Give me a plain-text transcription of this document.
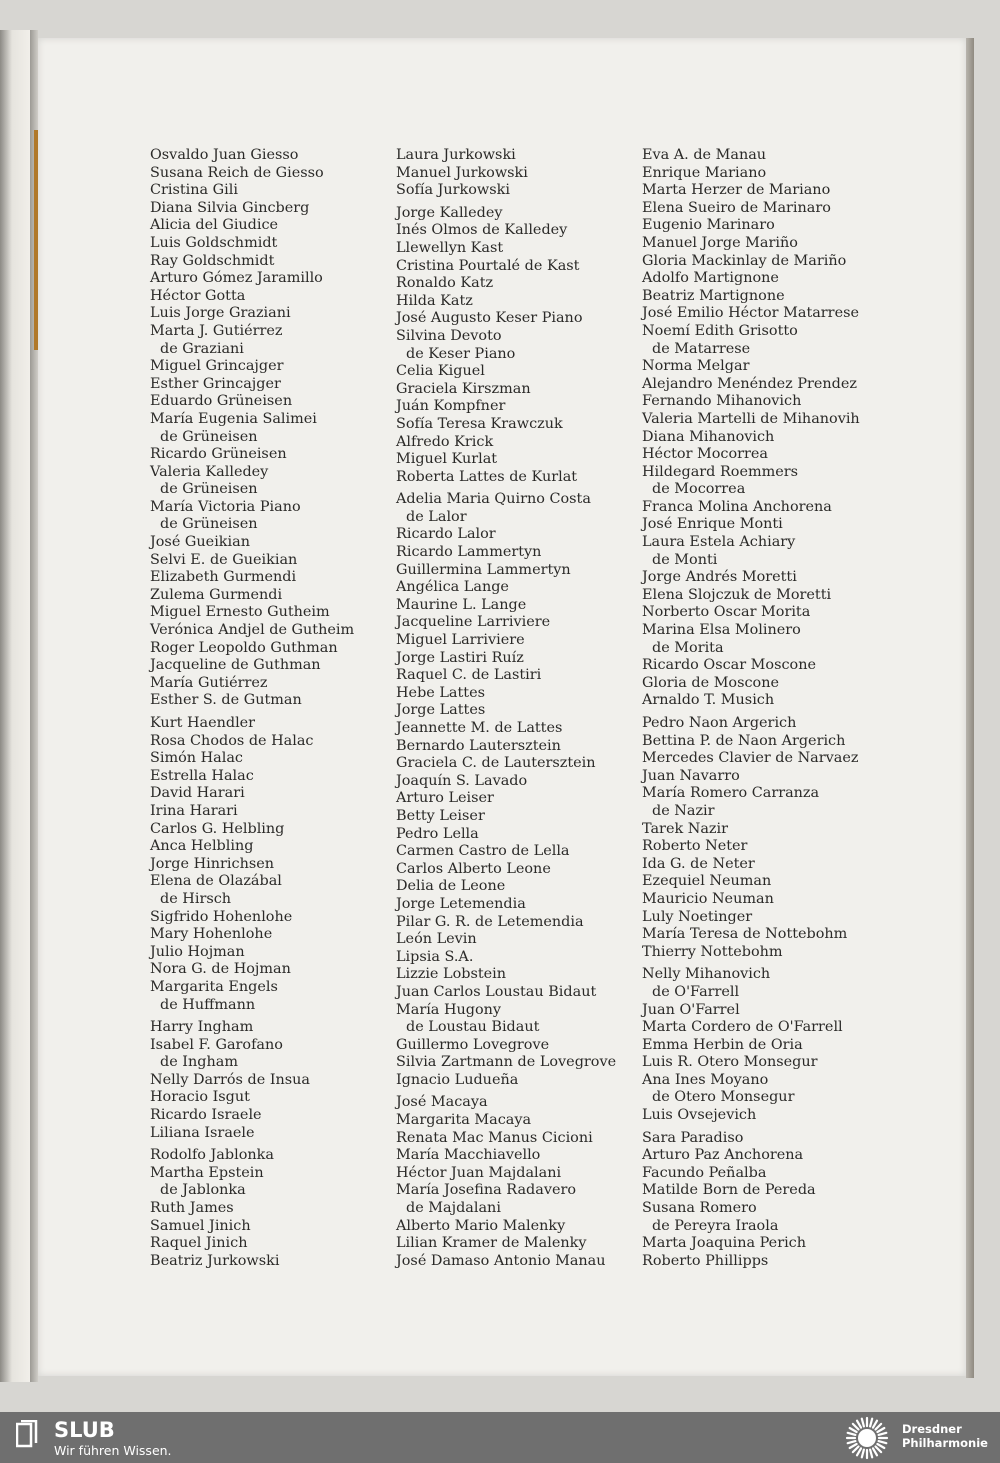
Osvaldo Juan Giesso
Susana Reich de Giesso
Cristina Gili
Diana Silvia Gincberg
Alicia del Giudice
Luis Goldschmidt
Ray Goldschmidt
Arturo Gómez Jaramillo
Héctor Gotta
Luis Jorge Graziani
Marta J. Gutiérrez
de Graziani
Miguel Grincajger
Esther Grincajger
Eduardo Grüneisen
María Eugenia Salimei
de Grüneisen
Ricardo Grüneisen
Valeria Kalledey
de Grüneisen
María Victoria Piano
de Grüneisen
José Gueikian
Selvi E. de Gueikian
Elizabeth Gurmendi
Zulema Gurmendi
Miguel Ernesto Gutheim
Verónica Andjel de Gutheim
Roger Leopoldo Guthman
Jacqueline de Guthman
María Gutiérrez
Esther S. de Gutman
Kurt Haendler
Rosa Chodos de Halac
Simón Halac
Estrella Halac
David Harari
Irina Harari
Carlos G. Helbling
Anca Helbling
Jorge Hinrichsen
Elena de Olazábal
de Hirsch
Sigfrido Hohenlohe
Mary Hohenlohe
Julio Hojman
Nora G. de Hojman
Margarita Engels
de Huffmann
Harry Ingham
Isabel F. Garofano
de Ingham
Nelly Darrós de Insua
Horacio Isgut
Ricardo Israele
Liliana Israele
Rodolfo Jablonka
Martha Epstein
de Jablonka
Ruth James
Samuel Jinich
Raquel Jinich
Beatriz Jurkowski
Laura Jurkowski
Manuel Jurkowski
Sofía Jurkowski
Jorge Kalledey
Inés Olmos de Kalledey
Llewellyn Kast
Cristina Pourtalé de Kast
Ronaldo Katz
Hilda Katz
José Augusto Keser Piano
Silvina Devoto
de Keser Piano
Celia Kiguel
Graciela Kirszman
Juán Kompfner
Sofía Teresa Krawczuk
Alfredo Krick
Miguel Kurlat
Roberta Lattes de Kurlat
Adelia Maria Quirno Costa
de Lalor
Ricardo Lalor
Ricardo Lammertyn
Guillermina Lammertyn
Angélica Lange
Maurine L. Lange
Jacqueline Larriviere
Miguel Larriviere
Jorge Lastiri Ruíz
Raquel C. de Lastiri
Hebe Lattes
Jorge Lattes
Jeannette M. de Lattes
Bernardo Lautersztein
Graciela C. de Lautersztein
Joaquín S. Lavado
Arturo Leiser
Betty Leiser
Pedro Lella
Carmen Castro de Lella
Carlos Alberto Leone
Delia de Leone
Jorge Letemendia
Pilar G. R. de Letemendia
León Levin
Lipsia S.A.
Lizzie Lobstein
Juan Carlos Loustau Bidaut
María Hugony
de Loustau Bidaut
Guillermo Lovegrove
Silvia Zartmann de Lovegrove
Ignacio Ludueña
José Macaya
Margarita Macaya
Renata Mac Manus Cicioni
María Macchiavello
Héctor Juan Majdalani
María Josefina Radavero
de Majdalani
Alberto Mario Malenky
Lilian Kramer de Malenky
José Damaso Antonio Manau
Eva A. de Manau
Enrique Mariano
Marta Herzer de Mariano
Elena Sueiro de Marinaro
Eugenio Marinaro
Manuel Jorge Mariño
Gloria Mackinlay de Mariño
Adolfo Martignone
Beatriz Martignone
José Emilio Héctor Matarrese
Noemí Edith Grisotto
de Matarrese
Norma Melgar
Alejandro Menéndez Prendez
Fernando Mihanovich
Valeria Martelli de Mihanovih
Diana Mihanovich
Héctor Mocorrea
Hildegard Roemmers
de Mocorrea
Franca Molina Anchorena
José Enrique Monti
Laura Estela Achiary
de Monti
Jorge Andrés Moretti
Elena Slojczuk de Moretti
Norberto Oscar Morita
Marina Elsa Molinero
de Morita
Ricardo Oscar Moscone
Gloria de Moscone
Arnaldo T. Musich
Pedro Naon Argerich
Bettina P. de Naon Argerich
Mercedes Clavier de Narvaez
Juan Navarro
María Romero Carranza
de Nazir
Tarek Nazir
Roberto Neter
Ida G. de Neter
Ezequiel Neuman
Mauricio Neuman
Luly Noetinger
María Teresa de Nottebohm
Thierry Nottebohm
Nelly Mihanovich
de O'Farrell
Juan O'Farrel
Marta Cordero de O'Farrell
Emma Herbin de Oria
Luis R. Otero Monsegur
Ana Ines Moyano
de Otero Monsegur
Luis Ovsejevich
Sara Paradiso
Arturo Paz Anchorena
Facundo Peñalba
Matilde Born de Pereda
Susana Romero
de Pereyra Iraola
Marta Joaquina Perich
Roberto Phillipps
SLUB
Wir führen Wissen.
Dresdner
Philharmonie
